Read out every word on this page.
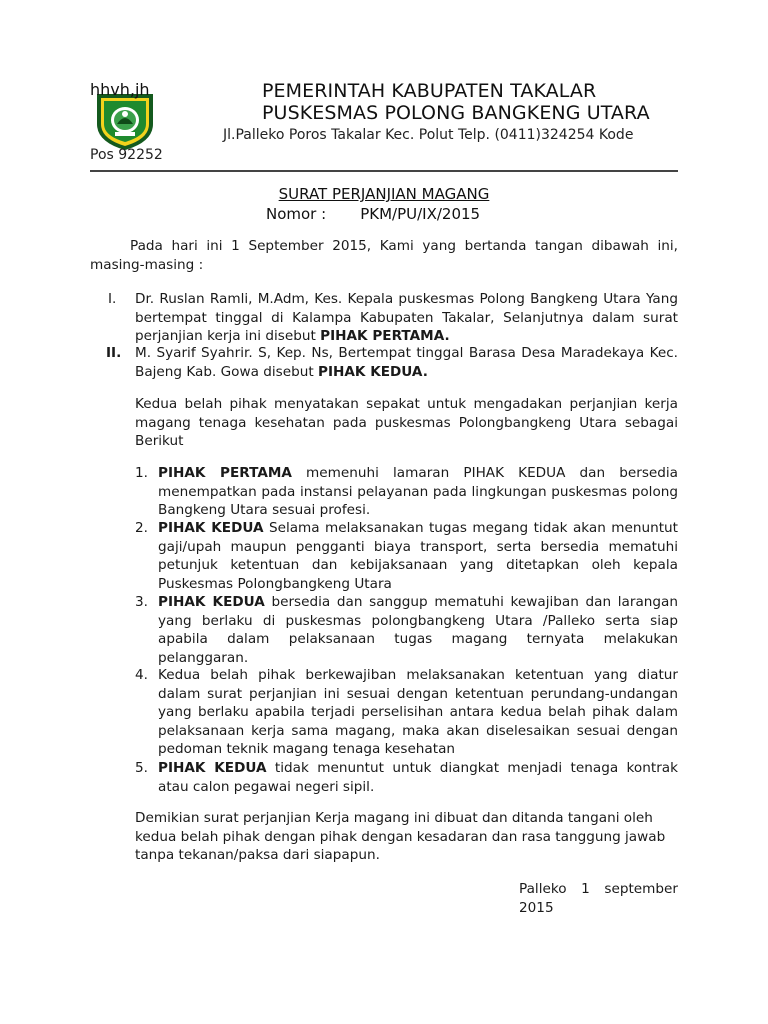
hhvh,jh	PEMERINTAH KABUPATEN TAKALAR
PUSKESMAS POLONG BANGKENG UTARA
Jl.Palleko Poros Takalar Kec. Polut Telp. (0411)324254 Kode
Pos 92252
SURAT PERJANJIAN MAGANG
Nomor : PKM/PU/IX/2015
Pada hari ini 1 September 2015, Kami yang bertanda tangan dibawah ini, masing-masing :
I. Dr. Ruslan Ramli, M.Adm, Kes. Kepala puskesmas Polong Bangkeng Utara Yang bertempat tinggal di Kalampa Kabupaten Takalar, Selanjutnya dalam surat perjanjian kerja ini disebut PIHAK PERTAMA.
II. M. Syarif Syahrir. S, Kep. Ns, Bertempat tinggal Barasa Desa Maradekaya Kec. Bajeng Kab. Gowa disebut PIHAK KEDUA.
Kedua belah pihak menyatakan sepakat untuk mengadakan perjanjian kerja magang tenaga kesehatan pada puskesmas Polongbangkeng Utara sebagai Berikut
1. PIHAK PERTAMA memenuhi lamaran PIHAK KEDUA dan bersedia menempatkan pada instansi pelayanan pada lingkungan puskesmas polong Bangkeng Utara sesuai profesi.
2. PIHAK KEDUA Selama melaksanakan tugas megang tidak akan menuntut gaji/upah maupun pengganti biaya transport, serta bersedia mematuhi petunjuk ketentuan dan kebijaksanaan yang ditetapkan oleh kepala Puskesmas Polongbangkeng Utara
3. PIHAK KEDUA bersedia dan sanggup mematuhi kewajiban dan larangan yang berlaku di puskesmas polongbangkeng Utara /Palleko serta siap apabila dalam pelaksanaan tugas magang ternyata melakukan pelanggaran.
4. Kedua belah pihak berkewajiban melaksanakan ketentuan yang diatur dalam surat perjanjian ini sesuai dengan ketentuan perundang-undangan yang berlaku apabila terjadi perselisihan antara kedua belah pihak dalam pelaksanaan kerja sama magang, maka akan diselesaikan sesuai dengan pedoman teknik magang tenaga kesehatan
5. PIHAK KEDUA tidak menuntut untuk diangkat menjadi tenaga kontrak atau calon pegawai negeri sipil.
Demikian surat perjanjian Kerja magang ini dibuat dan ditanda tangani oleh kedua belah pihak dengan pihak dengan kesadaran dan rasa tanggung jawab tanpa tekanan/paksa dari siapapun.
Palleko 1 september
2015
